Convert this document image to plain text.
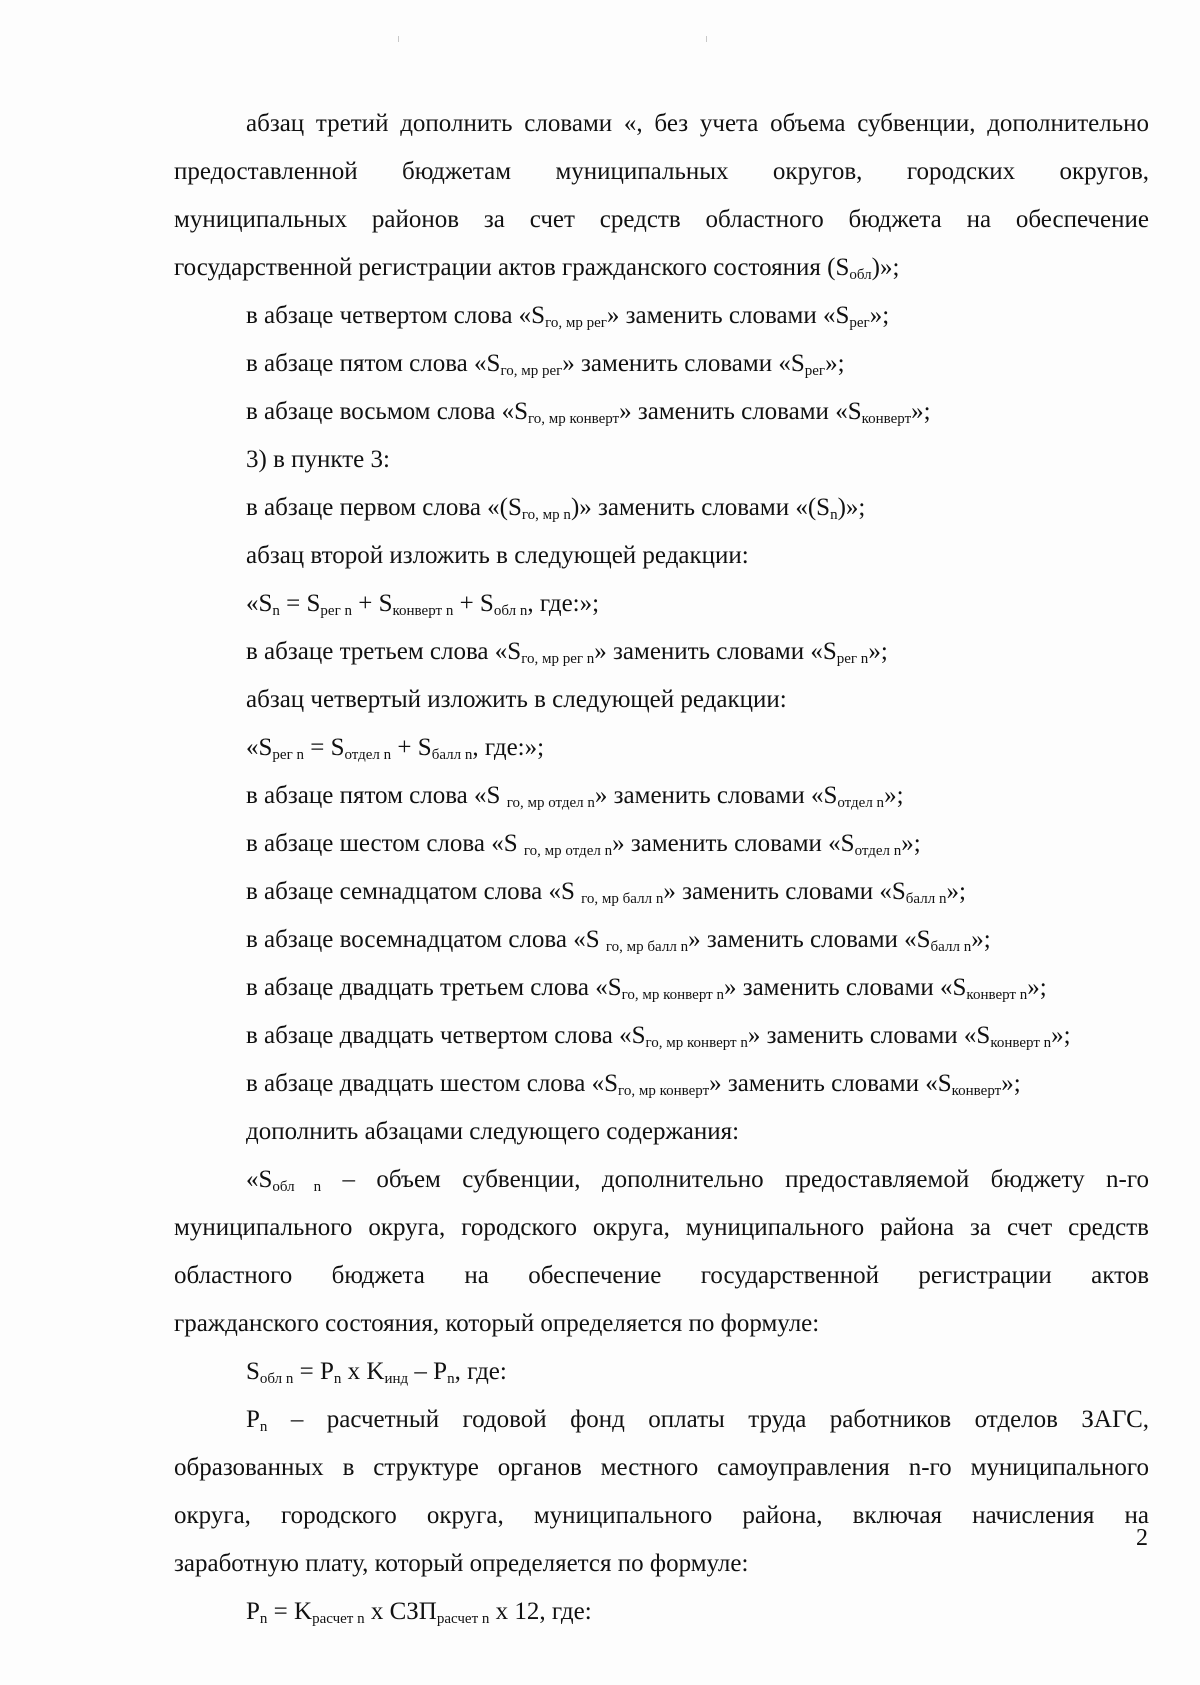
абзац третий дополнить словами «, без учета объема субвенции, дополнительно

предоставленной бюджетам муниципальных округов, городских округов,

муниципальных районов за счет средств областного бюджета на обеспечение

государственной регистрации актов гражданского состояния $(S_{обл})$»;

в абзаце четвертом слова «$S_{го, мр рег}$» заменить словами «$S_{рег}$»;

в абзаце пятом слова «$S_{го, мр рег}$» заменить словами «$S_{рег}$»;

в абзаце восьмом слова «$S_{го, мр конверт}$» заменить словами «$S_{конверт}$»;

3) в пункте 3:

в абзаце первом слова «$(S_{го, мр n})$» заменить словами «$(S_n)$»;

абзац второй изложить в следующей редакции:

«$S_n = S_{рег n} + S_{конверт n} + S_{обл n}$, где:»;

в абзаце третьем слова «$S_{го, мр рег n}$» заменить словами «$S_{рег n}$»;

абзац четвертый изложить в следующей редакции:

«$S_{рег n} = S_{отдел n} + S_{балл n}$, где:»;

в абзаце пятом слова «S $_{го, мр отдел n}$» заменить словами «$S_{отдел n}$»;

в абзаце шестом слова «S $_{го, мр отдел n}$» заменить словами «$S_{отдел n}$»;

в абзаце семнадцатом слова «S $_{го, мр балл n}$» заменить словами «$S_{балл n}$»;

в абзаце восемнадцатом слова «S $_{го, мр балл n}$» заменить словами «$S_{балл n}$»;

в абзаце двадцать третьем слова «$S_{го, мр конверт n}$» заменить словами «$S_{конверт n}$»;

в абзаце двадцать четвертом слова «$S_{го, мр конверт n}$» заменить словами «$S_{конверт n}$»;

в абзаце двадцать шестом слова «$S_{го, мр конверт}$» заменить словами «$S_{конверт}$»;

дополнить абзацами следующего содержания:

«$S_{обл n}$ – объем субвенции, дополнительно предоставляемой бюджету n-го

муниципального округа, городского округа, муниципального района за счет средств

областного бюджета на обеспечение государственной регистрации актов

гражданского состояния, который определяется по формуле:

$S_{обл n} = P_n$ х $K_{инд} - P_n$, где:

$P_n$ – расчетный годовой фонд оплаты труда работников отделов ЗАГС,

образованных в структуре органов местного самоуправления n-го муниципального

округа, городского округа, муниципального района, включая начисления на

заработную плату, который определяется по формуле:

$P_n = K_{расчет n}$ х $СЗП_{расчет n}$ х 12, где:

2
